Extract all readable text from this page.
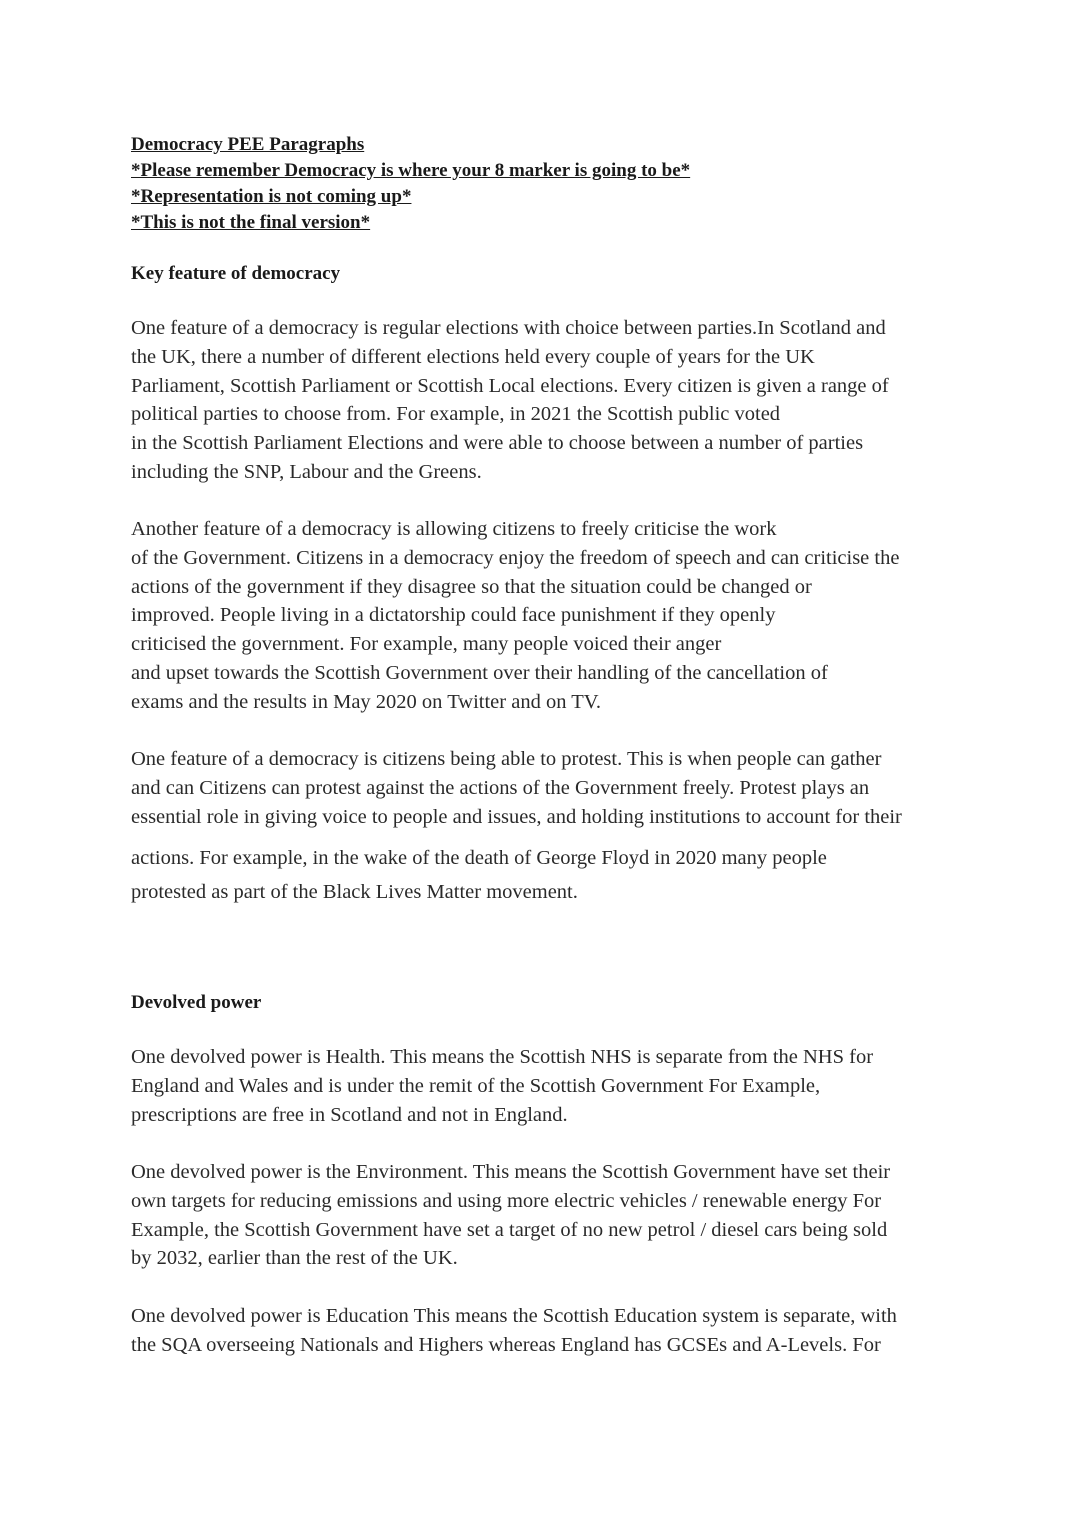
Democracy PEE Paragraphs
*Please remember Democracy is where your 8 marker is going to be*
*Representation is not coming up*
*This is not the final version*
Key feature of democracy
One feature of a democracy is regular elections with choice between parties.In Scotland and
the UK, there a number of different elections held every couple of years for the UK
Parliament, Scottish Parliament or Scottish Local elections. Every citizen is given a range of
political parties to choose from. For example, in 2021 the Scottish public voted
in the Scottish Parliament Elections and were able to choose between a number of parties
including the SNP, Labour and the Greens.
Another feature of a democracy is allowing citizens to freely criticise the work
of the Government. Citizens in a democracy enjoy the freedom of speech and can criticise the
actions of the government if they disagree so that the situation could be changed or
improved. People living in a dictatorship could face punishment if they openly
criticised the government. For example, many people voiced their anger
and upset towards the Scottish Government over their handling of the cancellation of
exams and the results in May 2020 on Twitter and on TV.
One feature of a democracy is citizens being able to protest. This is when people can gather
and can Citizens can protest against the actions of the Government freely. Protest plays an
essential role in giving voice to people and issues, and holding institutions to account for their
actions. For example, in the wake of the death of George Floyd in 2020 many people
protested as part of the Black Lives Matter movement.
Devolved power
One devolved power is Health. This means the Scottish NHS is separate from the NHS for
England and Wales and is under the remit of the Scottish Government For Example,
prescriptions are free in Scotland and not in England.
One devolved power is the Environment. This means the Scottish Government have set their
own targets for reducing emissions and using more electric vehicles / renewable energy For
Example, the Scottish Government have set a target of no new petrol / diesel cars being sold
by 2032, earlier than the rest of the UK.
One devolved power is Education This means the Scottish Education system is separate, with
the SQA overseeing Nationals and Highers whereas England has GCSEs and A-Levels. For
